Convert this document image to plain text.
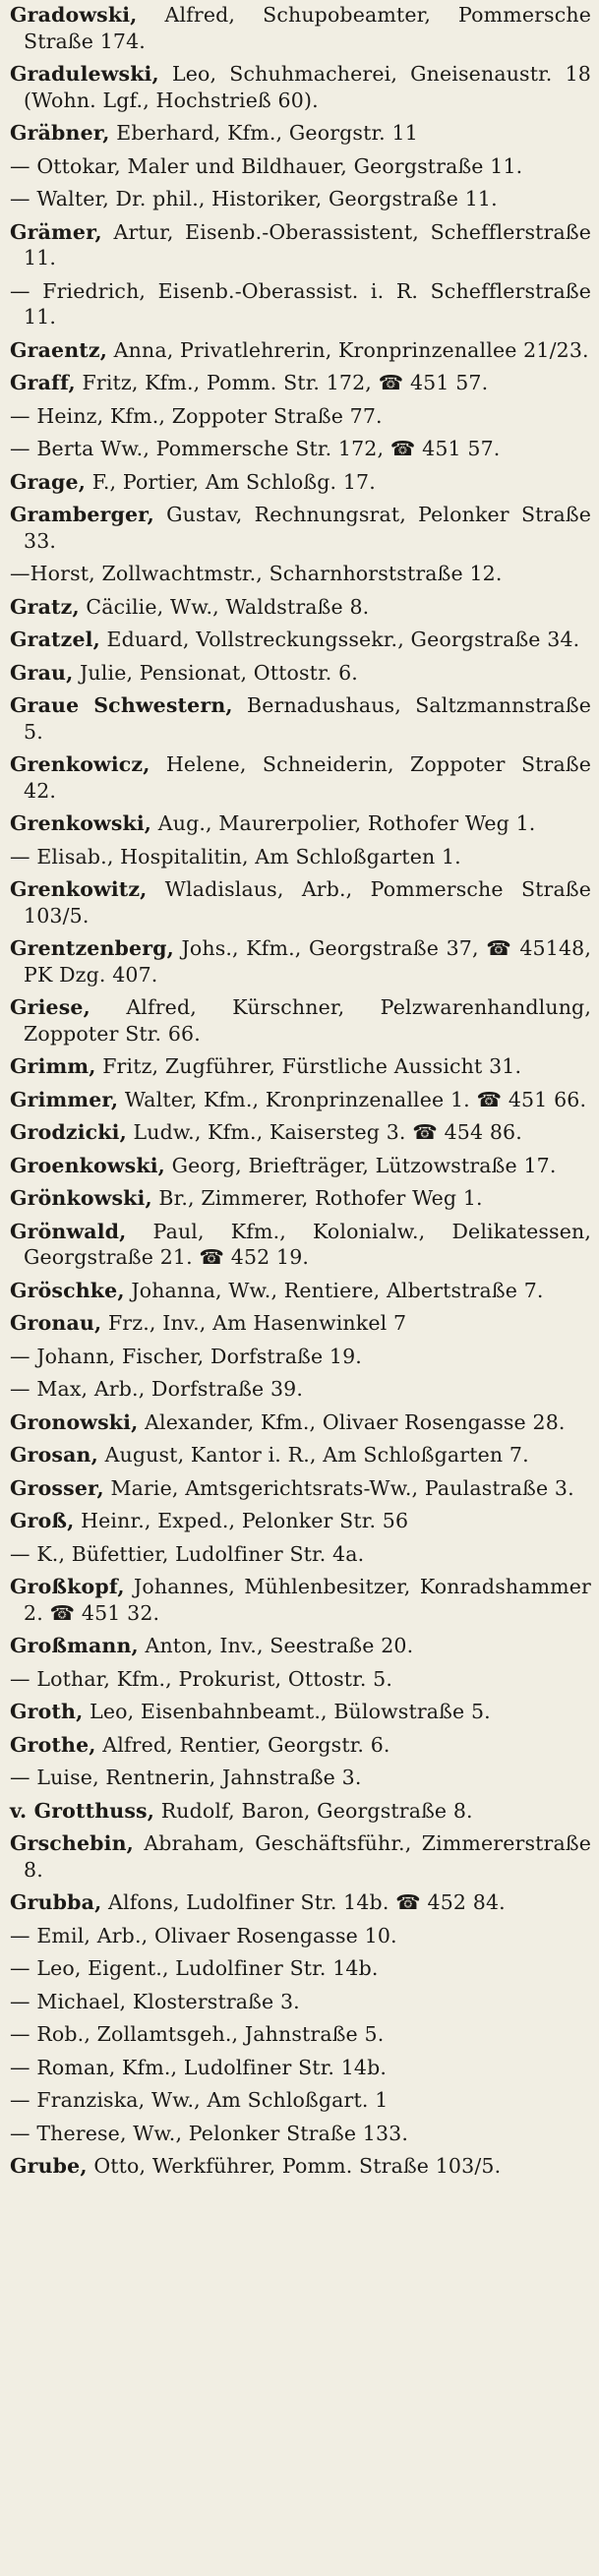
Gradowski, Alfred, Schupobeamter, Pommersche Straße 174.

Gradulewski, Leo, Schuhmacherei, Gneisenaustr. 18 (Wohn. Lgf., Hochstrieß 60).

Gräbner, Eberhard, Kfm., Georgstr. 11

— Ottokar, Maler und Bildhauer, Georgstraße 11.

— Walter, Dr. phil., Historiker, Georgstraße 11.

Grämer, Artur, Eisenb.-Oberassistent, Schefflerstraße 11.

— Friedrich, Eisenb.-Oberassist. i. R. Schefflerstraße 11.

Graentz, Anna, Privatlehrerin, Kronprinzenallee 21/23.

Graff, Fritz, Kfm., Pomm. Str. 172, ☎ 451 57.

— Heinz, Kfm., Zoppoter Straße 77.

— Berta Ww., Pommersche Str. 172, ☎ 451 57.

Grage, F., Portier, Am Schloßg. 17.

Gramberger, Gustav, Rechnungsrat, Pelonker Straße 33.

—Horst, Zollwachtmstr., Scharnhorststraße 12.

Gratz, Cäcilie, Ww., Waldstraße 8.

Gratzel, Eduard, Vollstreckungssekr., Georgstraße 34.

Grau, Julie, Pensionat, Ottostr. 6.

Graue Schwestern, Bernadushaus, Saltzmannstraße 5.

Grenkowicz, Helene, Schneiderin, Zoppoter Straße 42.

Grenkowski, Aug., Maurerpolier, Rothofer Weg 1.

— Elisab., Hospitalitin, Am Schloßgarten 1.

Grenkowitz, Wladislaus, Arb., Pommersche Straße 103/5.

Grentzenberg, Johs., Kfm., Georgstraße 37, ☎ 45148, PK Dzg. 407.

Griese, Alfred, Kürschner, Pelzwarenhandlung, Zoppoter Str. 66.

Grimm, Fritz, Zugführer, Fürstliche Aussicht 31.

Grimmer, Walter, Kfm., Kronprinzenallee 1. ☎ 451 66.

Grodzicki, Ludw., Kfm., Kaisersteg 3. ☎ 454 86.

Groenkowski, Georg, Briefträger, Lützowstraße 17.

Grönkowski, Br., Zimmerer, Rothofer Weg 1.

Grönwald, Paul, Kfm., Kolonialw., Delikatessen, Georgstraße 21. ☎ 452 19.

Gröschke, Johanna, Ww., Rentiere, Albertstraße 7.

Gronau, Frz., Inv., Am Hasenwinkel 7

— Johann, Fischer, Dorfstraße 19.

— Max, Arb., Dorfstraße 39.

Gronowski, Alexander, Kfm., Olivaer Rosengasse 28.

Grosan, August, Kantor i. R., Am Schloßgarten 7.

Grosser, Marie, Amtsgerichtsrats-Ww., Paulastraße 3.

Groß, Heinr., Exped., Pelonker Str. 56

— K., Büfettier, Ludolfiner Str. 4a.

Großkopf, Johannes, Mühlenbesitzer, Konradshammer 2. ☎ 451 32.

Großmann, Anton, Inv., Seestraße 20.

— Lothar, Kfm., Prokurist, Ottostr. 5.

Groth, Leo, Eisenbahnbeamt., Bülowstraße 5.

Grothe, Alfred, Rentier, Georgstr. 6.

— Luise, Rentnerin, Jahnstraße 3.

v. Grotthuss, Rudolf, Baron, Georgstraße 8.

Grschebin, Abraham, Geschäftsführ., Zimmererstraße 8.

Grubba, Alfons, Ludolfiner Str. 14b. ☎ 452 84.

— Emil, Arb., Olivaer Rosengasse 10.

— Leo, Eigent., Ludolfiner Str. 14b.

— Michael, Klosterstraße 3.

— Rob., Zollamtsgeh., Jahnstraße 5.

— Roman, Kfm., Ludolfiner Str. 14b.

— Franziska, Ww., Am Schloßgart. 1

— Therese, Ww., Pelonker Straße 133.

Grube, Otto, Werkführer, Pomm. Straße 103/5.
